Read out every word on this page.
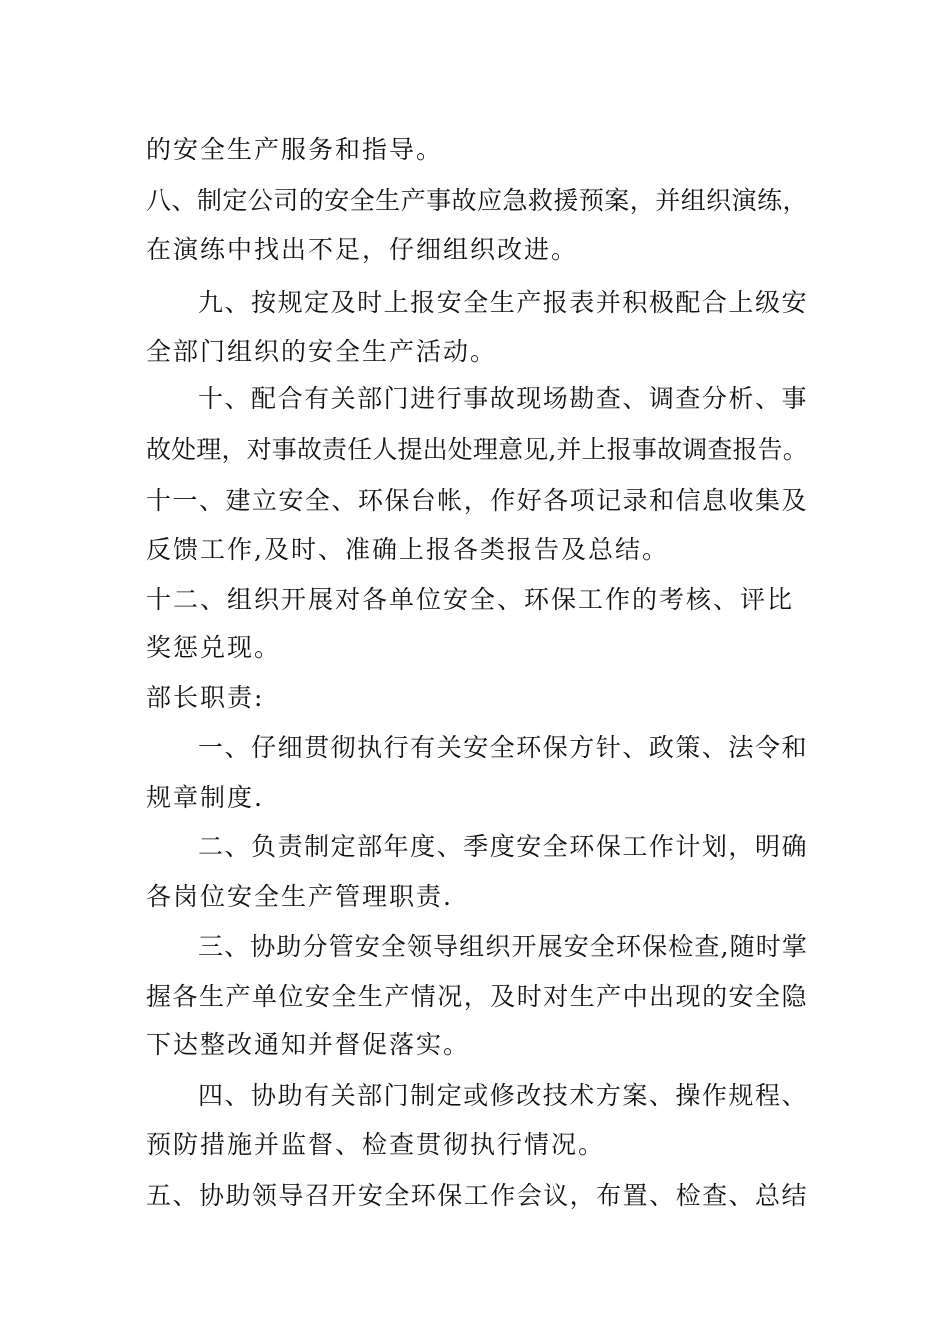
的安全生产服务和指导。
八、制定公司的安全生产事故应急救援预案，并组织演练，
在演练中找出不足，仔细组织改进。
九、按规定及时上报安全生产报表并积极配合上级安
全部门组织的安全生产活动。
十、配合有关部门进行事故现场勘查、调查分析、事
故处理，对事故责任人提出处理意见,并上报事故调查报告。
十一、建立安全、环保台帐，作好各项记录和信息收集及
反馈工作,及时、准确上报各类报告及总结。
十二、组织开展对各单位安全、环保工作的考核、评比
奖惩兑现。
部长职责:
一、仔细贯彻执行有关安全环保方针、政策、法令和
规章制度.
二、负责制定部年度、季度安全环保工作计划，明确
各岗位安全生产管理职责.
三、协助分管安全领导组织开展安全环保检查,随时掌
握各生产单位安全生产情况，及时对生产中出现的安全隐
下达整改通知并督促落实。
四、协助有关部门制定或修改技术方案、操作规程、
预防措施并监督、检查贯彻执行情况。
五、协助领导召开安全环保工作会议，布置、检查、总结
